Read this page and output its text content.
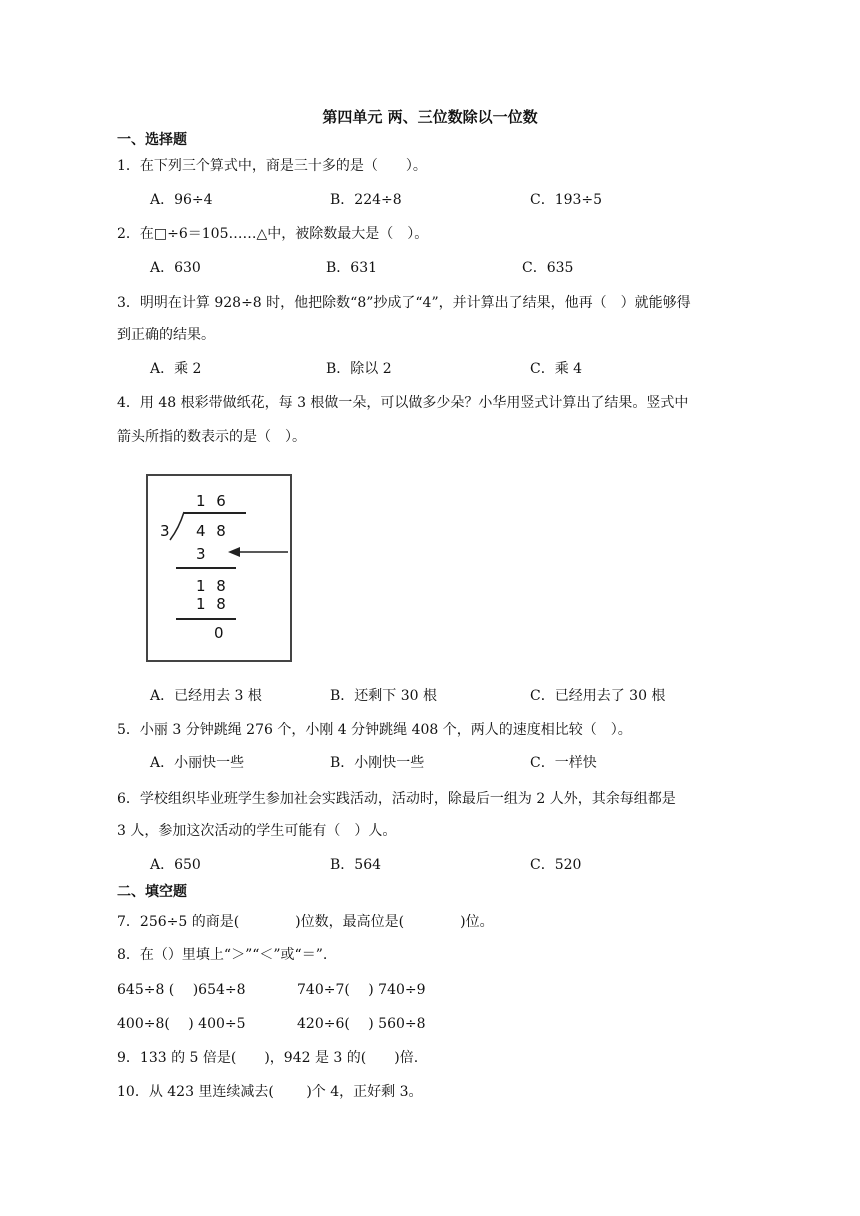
第四单元 两、三位数除以一位数
一、选择题
1．在下列三个算式中，商是三十多的是（　　）。
A．96÷4	B．224÷8	C．193÷5
2．在□÷6＝105……△中，被除数最大是（　）。
A．630	B．631	C．635
3．明明在计算 928÷8 时，他把除数“8”抄成了“4”，并计算出了结果，他再（　）就能够得
到正确的结果。
A．乘 2	B．除以 2	C．乘 4
4．用 48 根彩带做纸花，每 3 根做一朵，可以做多少朵？小华用竖式计算出了结果。竖式中
箭头所指的数表示的是（　）。
1 6
3 4 8
3
1 8
1 8
0
A．已经用去 3 根	B．还剩下 30 根	C．已经用去了 30 根
5．小丽 3 分钟跳绳 276 个，小刚 4 分钟跳绳 408 个，两人的速度相比较（　）。
A．小丽快一些	B．小刚快一些	C．一样快
6．学校组织毕业班学生参加社会实践活动，活动时，除最后一组为 2 人外，其余每组都是
3 人，参加这次活动的学生可能有（　）人。
A．650	B．564	C．520
二、填空题
7．256÷5 的商是(　　　　)位数，最高位是(　　　　)位。
8．在（）里填上“＞”“＜”或“＝”.
645÷8 (　 )654÷8	740÷7(　 ) 740÷9
400÷8(　 ) 400÷5	420÷6(　 ) 560÷8
9．133 的 5 倍是(　　)，942 是 3 的(　　)倍.
10．从 423 里连续减去(　　 )个 4，正好剩 3。
